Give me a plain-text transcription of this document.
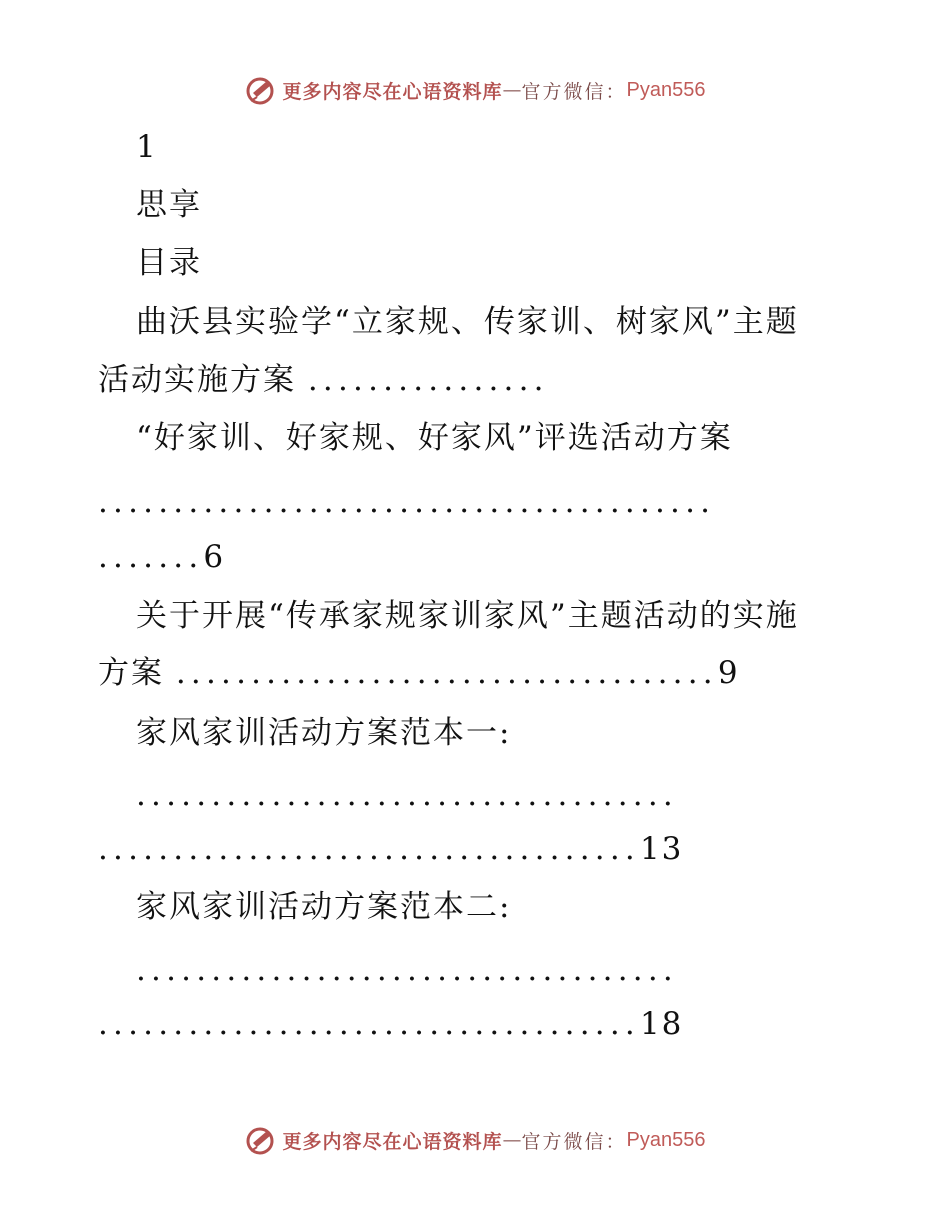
更多内容尽在心语资料库 — 官方微信： Pyan556
1
思享
目录
曲沃县实验学“立家规、传家训、树家风”主题
活动实施方案 ................
“好家训、好家规、好家风”评选活动方案
.........................................
.......6
关于开展“传承家规家训家风”主题活动的实施
方案 ....................................9
家风家训活动方案范本一:
....................................
....................................13
家风家训活动方案范本二:
....................................
....................................18
更多内容尽在心语资料库 — 官方微信： Pyan556
